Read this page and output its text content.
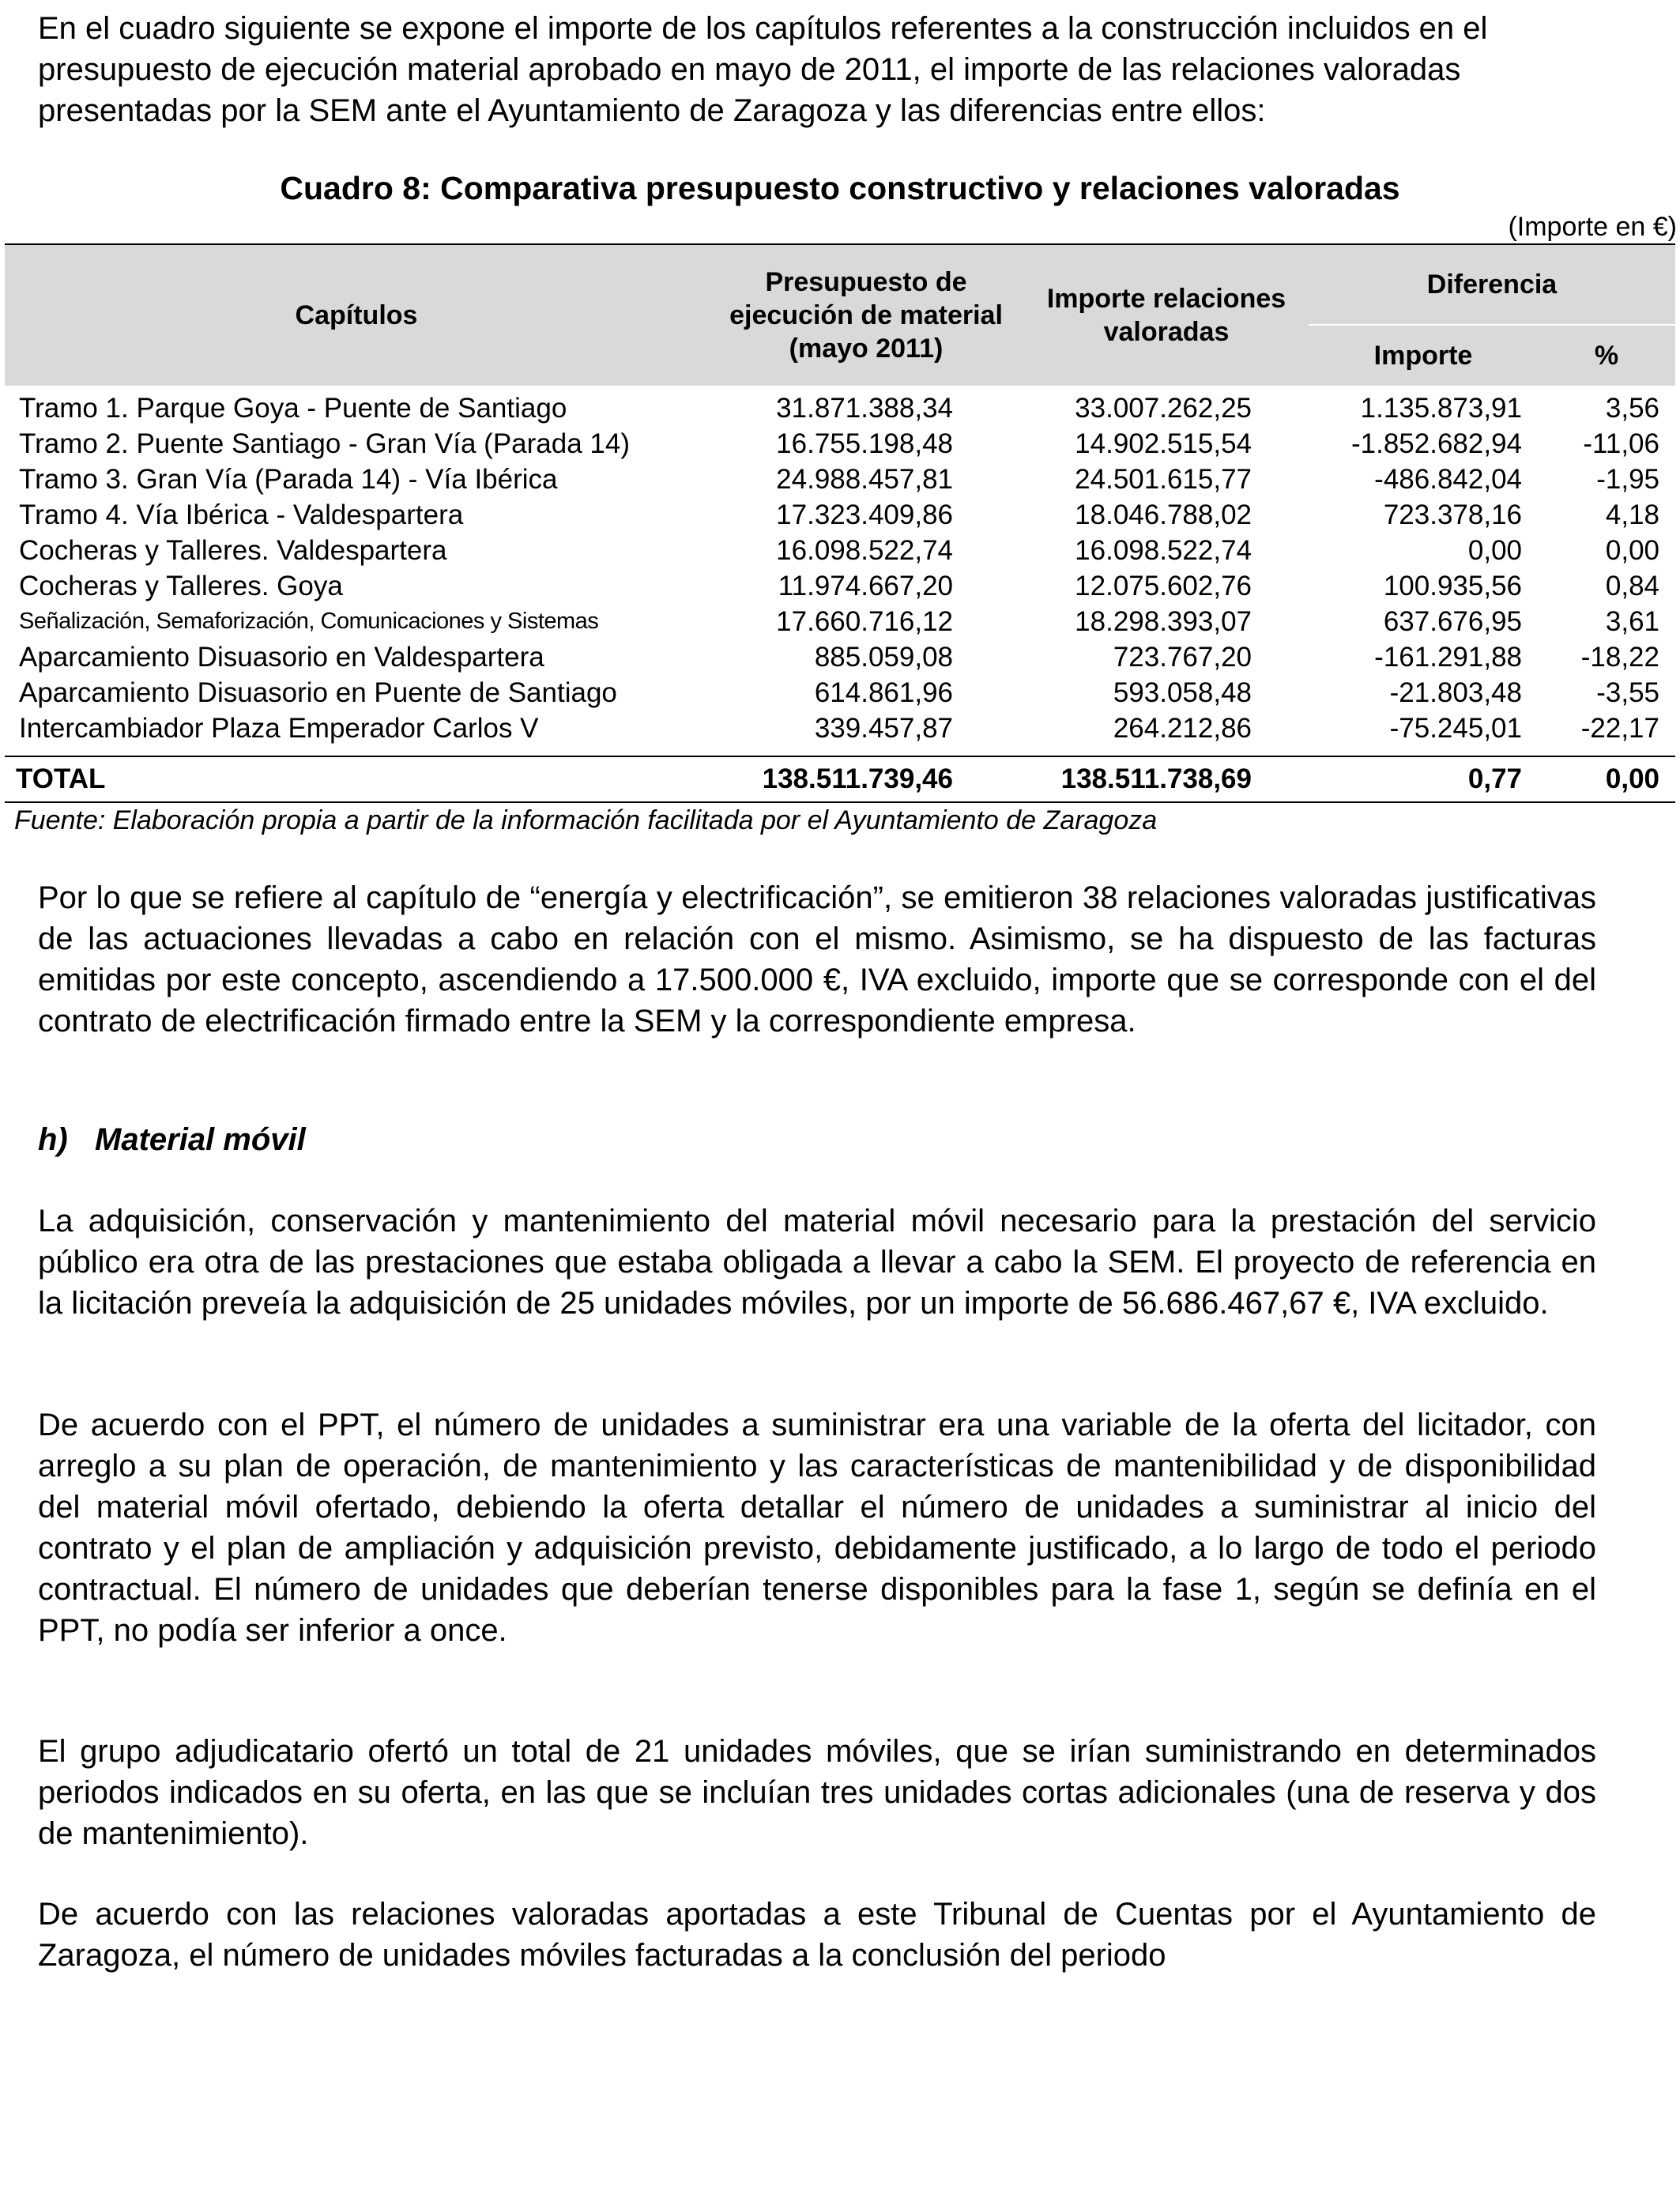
En el cuadro siguiente se expone el importe de los capítulos referentes a la construcción incluidos en el presupuesto de ejecución material aprobado en mayo de 2011, el importe de las relaciones valoradas presentadas por la SEM ante el Ayuntamiento de Zaragoza y las diferencias entre ellos:

Cuadro 8: Comparativa presupuesto constructivo y relaciones valoradas
(Importe en €)
Capítulos	Presupuesto de ejecución de material (mayo 2011)	Importe relaciones valoradas	Diferencia	
			Importe	%
Tramo 1. Parque Goya - Puente de Santiago	31.871.388,34	33.007.262,25	1.135.873,91	3,56
Tramo 2. Puente Santiago - Gran Vía (Parada 14)	16.755.198,48	14.902.515,54	-1.852.682,94	-11,06
Tramo 3. Gran Vía (Parada 14) - Vía Ibérica	24.988.457,81	24.501.615,77	-486.842,04	-1,95
Tramo 4. Vía Ibérica - Valdespartera	17.323.409,86	18.046.788,02	723.378,16	4,18
Cocheras y Talleres. Valdespartera	16.098.522,74	16.098.522,74	0,00	0,00
Cocheras y Talleres. Goya	11.974.667,20	12.075.602,76	100.935,56	0,84
Señalización, Semaforización, Comunicaciones y Sistemas	17.660.716,12	18.298.393,07	637.676,95	3,61
Aparcamiento Disuasorio en Valdespartera	885.059,08	723.767,20	-161.291,88	-18,22
Aparcamiento Disuasorio en Puente de Santiago	614.861,96	593.058,48	-21.803,48	-3,55
Intercambiador Plaza Emperador Carlos V	339.457,87	264.212,86	-75.245,01	-22,17
TOTAL	138.511.739,46	138.511.738,69	0,77	0,00
Fuente: Elaboración propia a partir de la información facilitada por el Ayuntamiento de Zaragoza

Por lo que se refiere al capítulo de “energía y electrificación”, se emitieron 38 relaciones valoradas justificativas de las actuaciones llevadas a cabo en relación con el mismo. Asimismo, se ha dispuesto de las facturas emitidas por este concepto, ascendiendo a 17.500.000 €, IVA excluido, importe que se corresponde con el del contrato de electrificación firmado entre la SEM y la correspondiente empresa.

h) Material móvil

La adquisición, conservación y mantenimiento del material móvil necesario para la prestación del servicio público era otra de las prestaciones que estaba obligada a llevar a cabo la SEM. El proyecto de referencia en la licitación preveía la adquisición de 25 unidades móviles, por un importe de 56.686.467,67 €, IVA excluido.

De acuerdo con el PPT, el número de unidades a suministrar era una variable de la oferta del licitador, con arreglo a su plan de operación, de mantenimiento y las características de mantenibilidad y de disponibilidad del material móvil ofertado, debiendo la oferta detallar el número de unidades a suministrar al inicio del contrato y el plan de ampliación y adquisición previsto, debidamente justificado, a lo largo de todo el periodo contractual. El número de unidades que deberían tenerse disponibles para la fase 1, según se definía en el PPT, no podía ser inferior a once.

El grupo adjudicatario ofertó un total de 21 unidades móviles, que se irían suministrando en determinados periodos indicados en su oferta, en las que se incluían tres unidades cortas adicionales (una de reserva y dos de mantenimiento).

De acuerdo con las relaciones valoradas aportadas a este Tribunal de Cuentas por el Ayuntamiento de Zaragoza, el número de unidades móviles facturadas a la conclusión del periodo
